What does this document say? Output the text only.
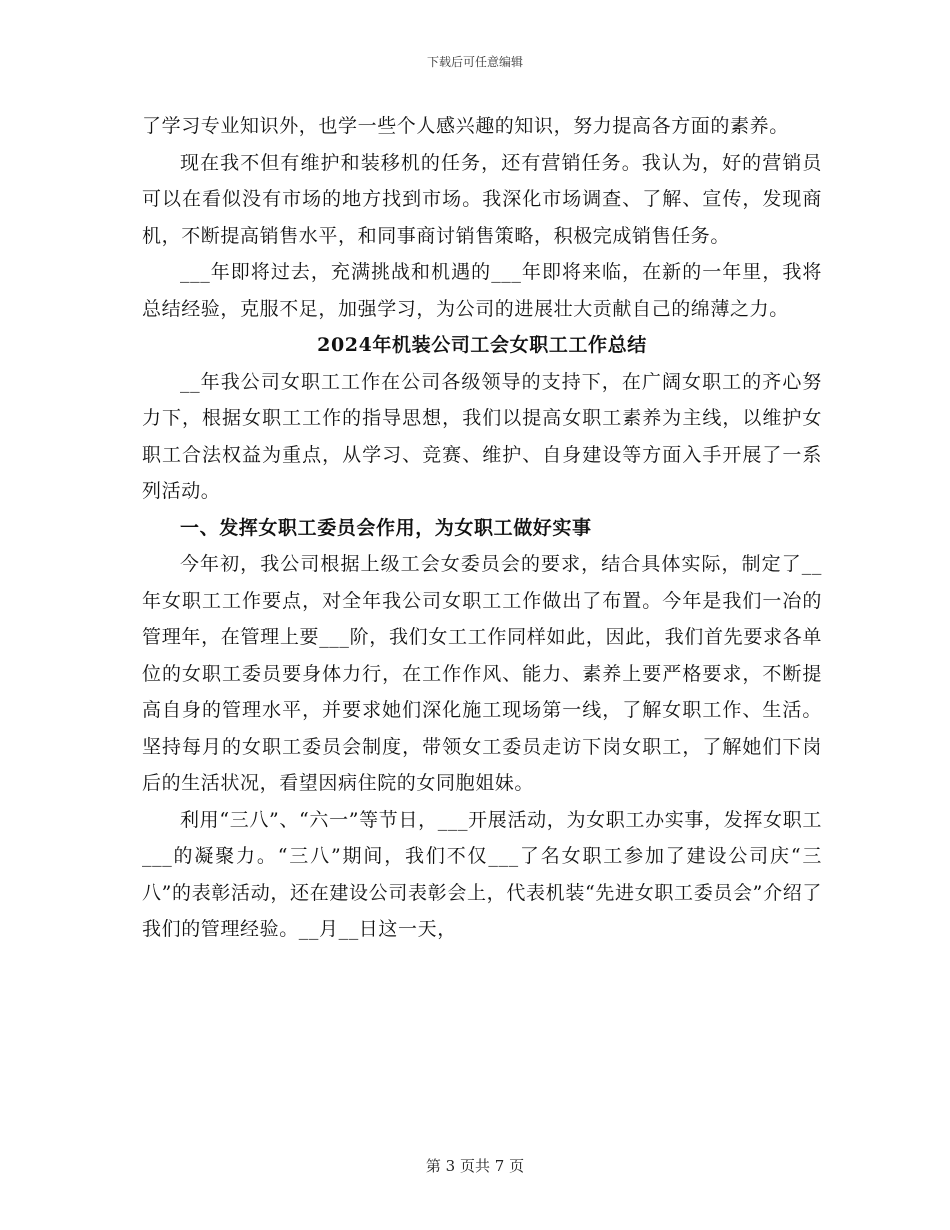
下载后可任意编辑

了学习专业知识外，也学一些个人感兴趣的知识，努力提高各方面的素养。

现在我不但有维护和装移机的任务，还有营销任务。我认为，好的营销员可以在看似没有市场的地方找到市场。我深化市场调查、了解、宣传，发现商机，不断提高销售水平，和同事商讨销售策略，积极完成销售任务。

___年即将过去，充满挑战和机遇的___年即将来临，在新的一年里，我将总结经验，克服不足，加强学习，为公司的进展壮大贡献自己的绵薄之力。

2024年机装公司工会女职工工作总结

__年我公司女职工工作在公司各级领导的支持下，在广阔女职工的齐心努力下，根据女职工工作的指导思想，我们以提高女职工素养为主线，以维护女职工合法权益为重点，从学习、竞赛、维护、自身建设等方面入手开展了一系列活动。

一、发挥女职工委员会作用，为女职工做好实事

今年初，我公司根据上级工会女委员会的要求，结合具体实际，制定了__年女职工工作要点，对全年我公司女职工工作做出了布置。今年是我们一冶的管理年，在管理上要___阶，我们女工工作同样如此，因此，我们首先要求各单位的女职工委员要身体力行，在工作作风、能力、素养上要严格要求，不断提高自身的管理水平，并要求她们深化施工现场第一线，了解女职工作、生活。坚持每月的女职工委员会制度，带领女工委员走访下岗女职工，了解她们下岗后的生活状况，看望因病住院的女同胞姐妹。

利用“三八”、“六一”等节日，___开展活动，为女职工办实事，发挥女职工___的凝聚力。“三八”期间，我们不仅___了名女职工参加了建设公司庆“三八”的表彰活动，还在建设公司表彰会上，代表机装“先进女职工委员会”介绍了我们的管理经验。__月__日这一天，

第 3 页共 7 页
